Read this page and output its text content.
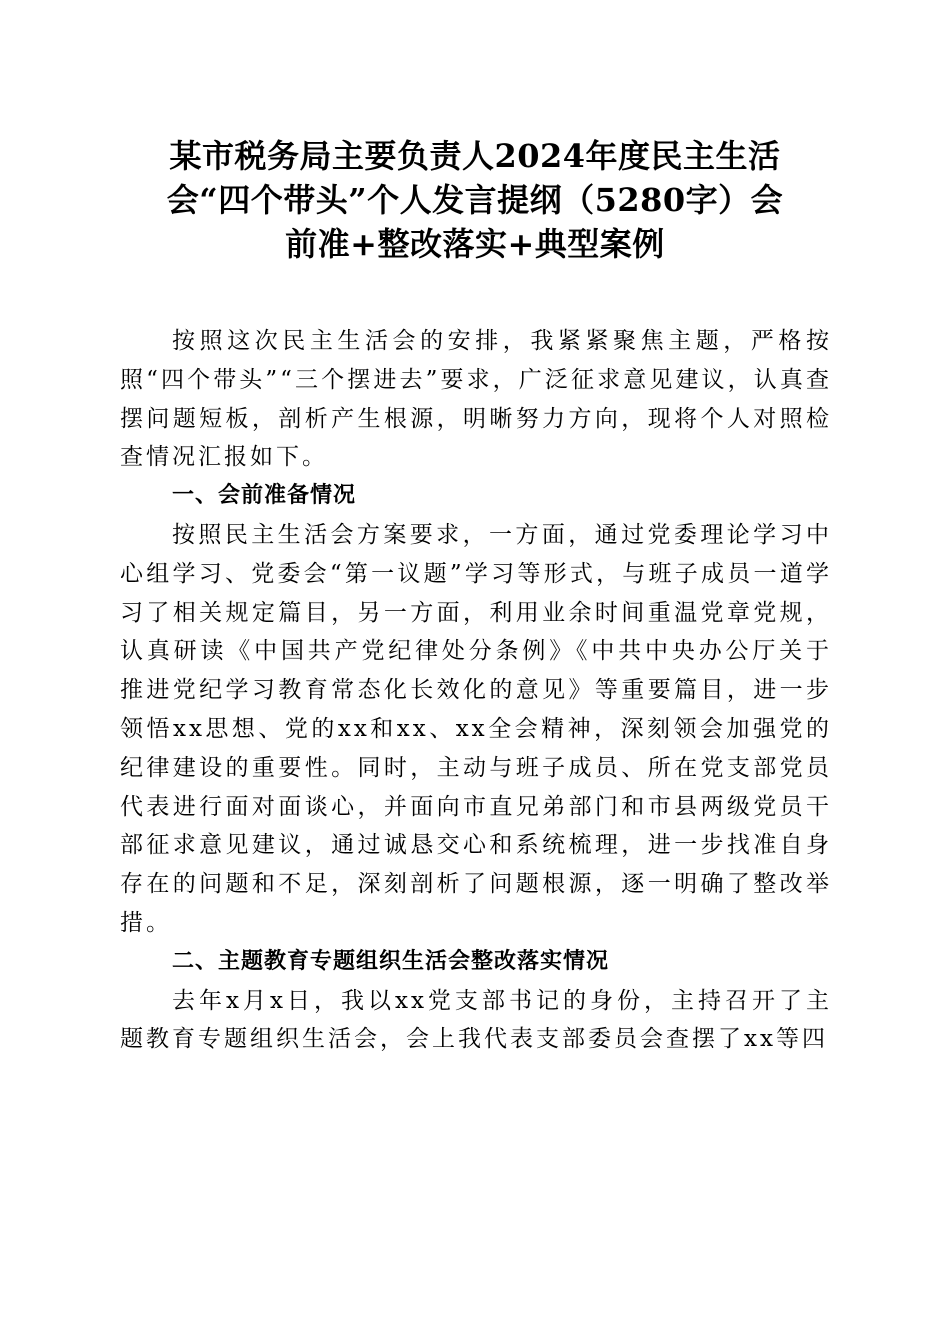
某市税务局主要负责人2024年度民主生活
会“四个带头”个人发言提纲（5280字）会
前准+整改落实+典型案例

按照这次民主生活会的安排，我紧紧聚焦主题，严格按照“四个带头”“三个摆进去”要求，广泛征求意见建议，认真查摆问题短板，剖析产生根源，明晰努力方向，现将个人对照检查情况汇报如下。

一、会前准备情况

按照民主生活会方案要求，一方面，通过党委理论学习中心组学习、党委会“第一议题”学习等形式，与班子成员一道学习了相关规定篇目，另一方面，利用业余时间重温党章党规，认真研读《中国共产党纪律处分条例》《中共中央办公厅关于推进党纪学习教育常态化长效化的意见》等重要篇目，进一步领悟xx思想、党的xx和xx、xx全会精神，深刻领会加强党的纪律建设的重要性。同时，主动与班子成员、所在党支部党员代表进行面对面谈心，并面向市直兄弟部门和市县两级党员干部征求意见建议，通过诚恳交心和系统梳理，进一步找准自身存在的问题和不足，深刻剖析了问题根源，逐一明确了整改举措。

二、主题教育专题组织生活会整改落实情况

去年x月x日，我以xx党支部书记的身份，主持召开了主题教育专题组织生活会，会上我代表支部委员会查摆了xx等四
